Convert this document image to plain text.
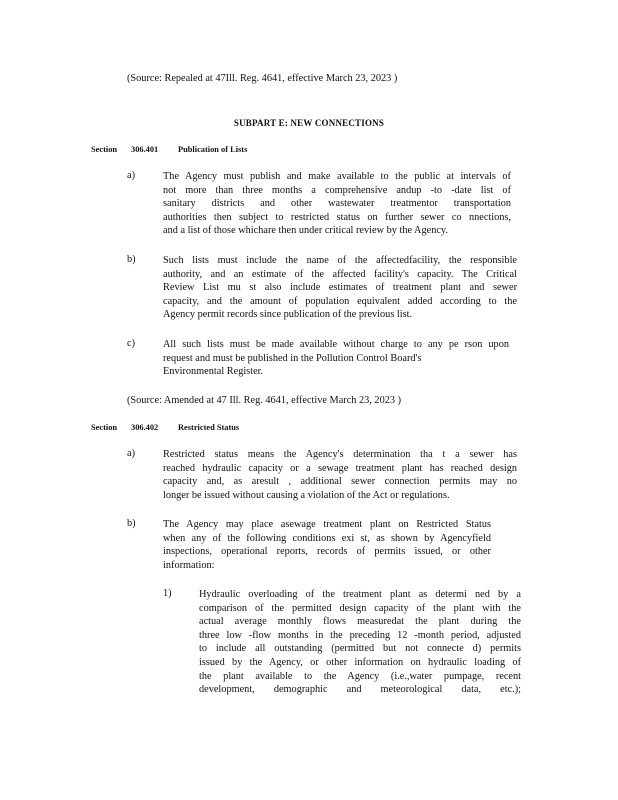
(Source: Repealed at 47Ill. Reg. 4641, effective March 23, 2023 )
SUBPART E: NEW CONNECTIONS
Section 306.401 Publication of Lists
a)	The Agency must publish and make available to the public at intervals of
not more than three months a comprehensive andup -to -date list of
sanitary districts and other wastewater treatmentor transportation
authorities then subject to restricted status on further sewer co nnections,
and a list of those whichare then under critical review by the Agency.
b)	Such lists must include the name of the affectedfacility, the responsible
authority, and an estimate of the affected facility's capacity. The Critical
Review List mu st also include estimates of treatment plant and sewer
capacity, and the amount of population equivalent added according to the
Agency permit records since publication of the previous list.
c)	All such lists must be made available without charge to any pe rson upon
request and must be published in the Pollution Control Board's
Environmental Register.
(Source: Amended at 47 Ill. Reg. 4641, effective March 23, 2023 )
Section 306.402 Restricted Status
a)	Restricted status means the Agency's determination tha t a sewer has
reached hydraulic capacity or a sewage treatment plant has reached design
capacity and, as aresult , additional sewer connection permits may no
longer be issued without causing a violation of the Act or regulations.
b)	The Agency may place asewage treatment plant on Restricted Status
when any of the following conditions exi st, as shown by Agencyfield
inspections, operational reports, records of permits issued, or other
information:
1)	Hydraulic overloading of the treatment plant as determi ned by a
comparison of the permitted design capacity of the plant with the
actual average monthly flows measuredat the plant during the
three low -flow months in the preceding 12 -month period, adjusted
to include all outstanding (permitted but not connecte d) permits
issued by the Agency, or other information on hydraulic loading of
the plant available to the Agency (i.e.,water pumpage, recent
development, demographic and meteorological data, etc.);
